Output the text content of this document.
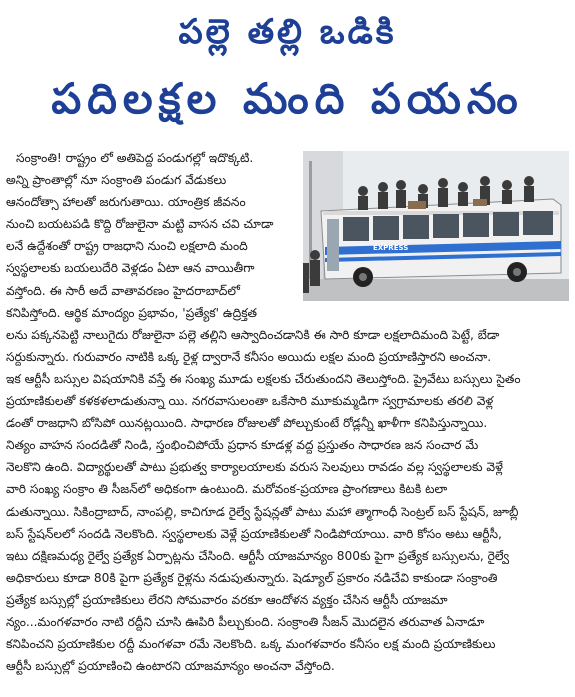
పల్లె తల్లి ఒడికి
పదిలక్షల మంది పయనం
EXPRESS
సంక్రాంతి! రాష్ట్రం లో అతిపెద్ద పండుగల్లో ఇదొక్కటి.
అన్ని ప్రాంతాల్లో నూ సంక్రాంతి పండుగ వేడుకలు
ఆనందోత్సా హాలతో జరుగుతాయి. యాంత్రిక జీవనం
నుంచి బయటపడి కొద్ది రోజులైనా మట్టి వాసన చవి చూడా
లనే ఉద్దేశంతో రాష్ట్ర రాజధాని నుంచి లక్షలాది మంది
స్వస్థలాలకు బయలుదేరి వెళ్లడం ఏటా ఆన వాయితీగా
వస్తోంది. ఈ సారీ అదే వాతావరణం హైదరాబాద్‌లో
కనిపిస్తోంది. ఆర్థిక మాంద్యం ప్రభావం, 'ప్రత్యేక' ఉద్రిక్తత
లను పక్కనపెట్టి నాలుగైదు రోజులైనా పల్లె తల్లిని ఆస్వాదించడానికి ఈ సారి కూడా లక్షలాదిమంది పెట్టే, బేడా
సర్దుకున్నారు. గురువారం నాటికి ఒక్క రైళ్ల ద్వారానే కనీసం అయిదు లక్షల మంది ప్రయాణిస్తారని అంచనా.
ఇక ఆర్టీసీ బస్సుల విషయానికి వస్తే ఈ సంఖ్య మూడు లక్షలకు చేరుతుందని తెలుస్తోంది. ప్రైవేటు బస్సులు సైతం
ప్రయాణికులతో కళకళలాడుతున్నా యి. నగరవాసులంతా ఒకేసారి మూకుమ్మడిగా స్వగ్రామాలకు తరలి వెళ్ల
డంతో రాజధాని బోసిపో యినట్లయింది. సాధారణ రోజులతో పోల్చుకుంటే రోడ్లన్నీ ఖాళీగా కనిపిస్తున్నాయి.
నిత్యం వాహన సందడితో నిండి, స్తంభించిపోయే ప్రధాన కూడళ్ల వద్ద ప్రస్తుతం సాధారణ జన సంచార మే
నెలకొని ఉంది. విద్యార్థులతో పాటు ప్రభుత్వ కార్యాలయాలకు వరుస సెలవులు రావడం వల్ల స్వస్థలాలకు వెళ్లే
వారి సంఖ్య సంక్రాం తి సీజన్‌లో అధికంగా ఉంటుంది. మరోవంక-ప్రయాణ ప్రాంగణాలు కిటకి టలా
డుతున్నాయి. సికింద్రాబాద్, నాంపల్లి, కాచిగూడ రైల్వే స్టేషన్లతో పాటు మహా త్మాగాంధీ సెంట్రల్ బస్ స్టేషన్, జూబ్లీ
బస్ స్టేషన్‌లలో సందడి నెలకొంది. స్వస్థలాలకు వెళ్లే ప్రయాణికులతో నిండిపోయాయి. వారి కోసం అటు ఆర్టీసీ,
ఇటు దక్షిణమధ్య రైల్వే ప్రత్యేక ఏర్పాట్లను చేసింది. ఆర్టీసీ యాజమాన్యం 800కు పైగా ప్రత్యేక బస్సులను, రైల్వే
అధికారులు కూడా 80కి పైగా ప్రత్యేక రైళ్లను నడుపుతున్నారు. షెడ్యూల్ ప్రకారం నడిచేవి కాకుండా సంక్రాంతి
ప్రత్యేక బస్సుల్లో ప్రయాణికులు లేరని సోమవారం వరకూ ఆందోళన వ్యక్తం చేసిన ఆర్టీసీ యాజమా
న్యం...మంగళవారం నాటి రద్దీని చూసి ఊపిరి పీల్చుకుంది. సంక్రాంతి సీజన్ మొదలైన తరువాత ఏనాడూ
కనిపించని ప్రయాణికుల రద్దీ మంగళవా రమే నెలకొంది. ఒక్క మంగళవారం కనీసం లక్ష మంది ప్రయాణికులు
ఆర్టీసీ బస్సుల్లో ప్రయాణించి ఉంటారని యాజమాన్యం అంచనా వేస్తోంది.
